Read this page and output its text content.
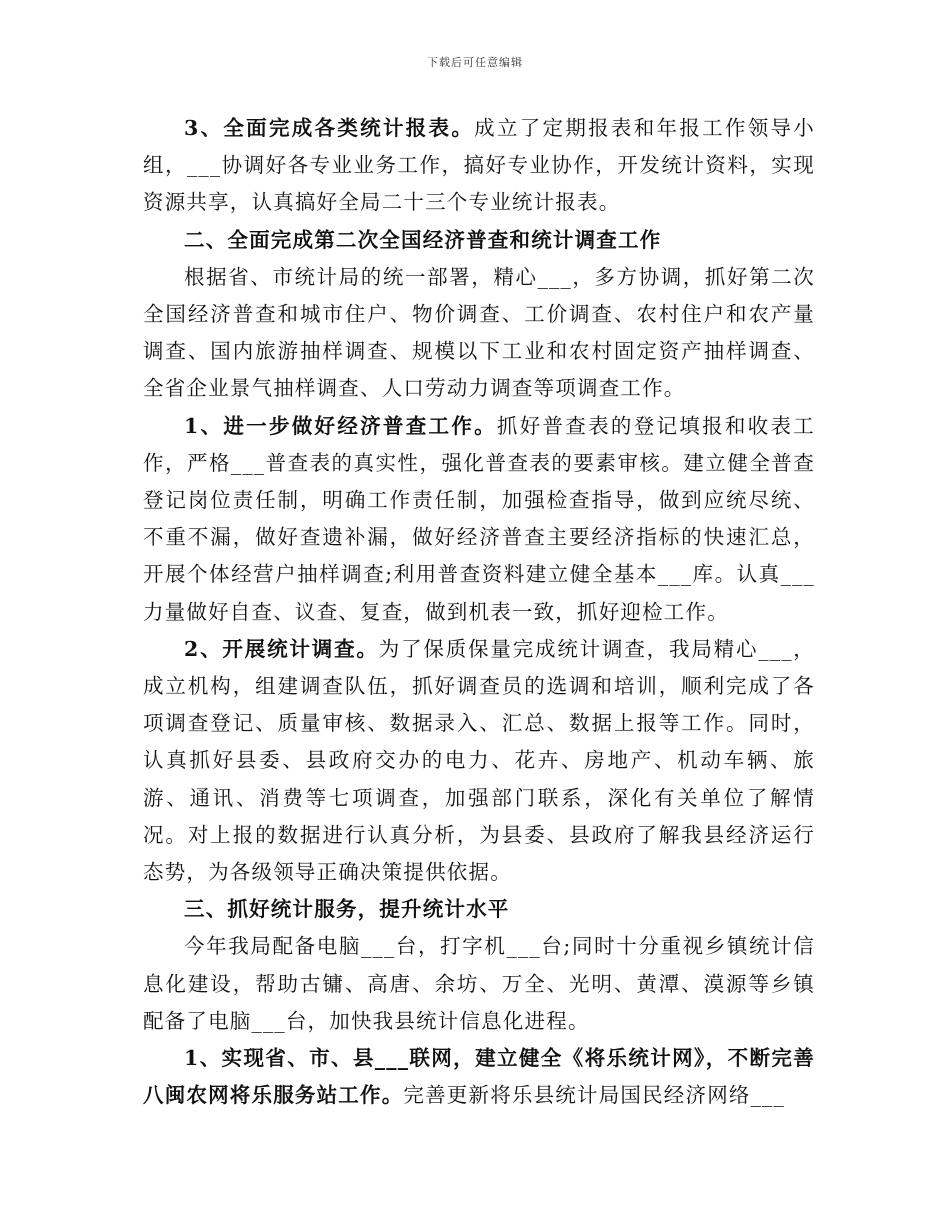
下载后可任意编辑

3、全面完成各类统计报表。成立了定期报表和年报工作领导小组，___协调好各专业业务工作，搞好专业协作，开发统计资料，实现资源共享，认真搞好全局二十三个专业统计报表。

二、全面完成第二次全国经济普查和统计调查工作

根据省、市统计局的统一部署，精心___，多方协调，抓好第二次全国经济普查和城市住户、物价调查、工价调查、农村住户和农产量调查、国内旅游抽样调查、规模以下工业和农村固定资产抽样调查、全省企业景气抽样调查、人口劳动力调查等项调查工作。

1、进一步做好经济普查工作。抓好普查表的登记填报和收表工作，严格___普查表的真实性，强化普查表的要素审核。建立健全普查登记岗位责任制，明确工作责任制，加强检查指导，做到应统尽统、不重不漏，做好查遗补漏，做好经济普查主要经济指标的快速汇总，开展个体经营户抽样调查;利用普查资料建立健全基本___库。认真___力量做好自查、议查、复查，做到机表一致，抓好迎检工作。

2、开展统计调查。为了保质保量完成统计调查，我局精心___，成立机构，组建调查队伍，抓好调查员的选调和培训，顺利完成了各项调查登记、质量审核、数据录入、汇总、数据上报等工作。同时，认真抓好县委、县政府交办的电力、花卉、房地产、机动车辆、旅游、通讯、消费等七项调查，加强部门联系，深化有关单位了解情况。对上报的数据进行认真分析，为县委、县政府了解我县经济运行态势，为各级领导正确决策提供依据。

三、抓好统计服务，提升统计水平

今年我局配备电脑___台，打字机___台;同时十分重视乡镇统计信息化建设，帮助古镛、高唐、余坊、万全、光明、黄潭、漠源等乡镇配备了电脑___台，加快我县统计信息化进程。

1、实现省、市、县___联网，建立健全《将乐统计网》，不断完善八闽农网将乐服务站工作。完善更新将乐县统计局国民经济网络___
